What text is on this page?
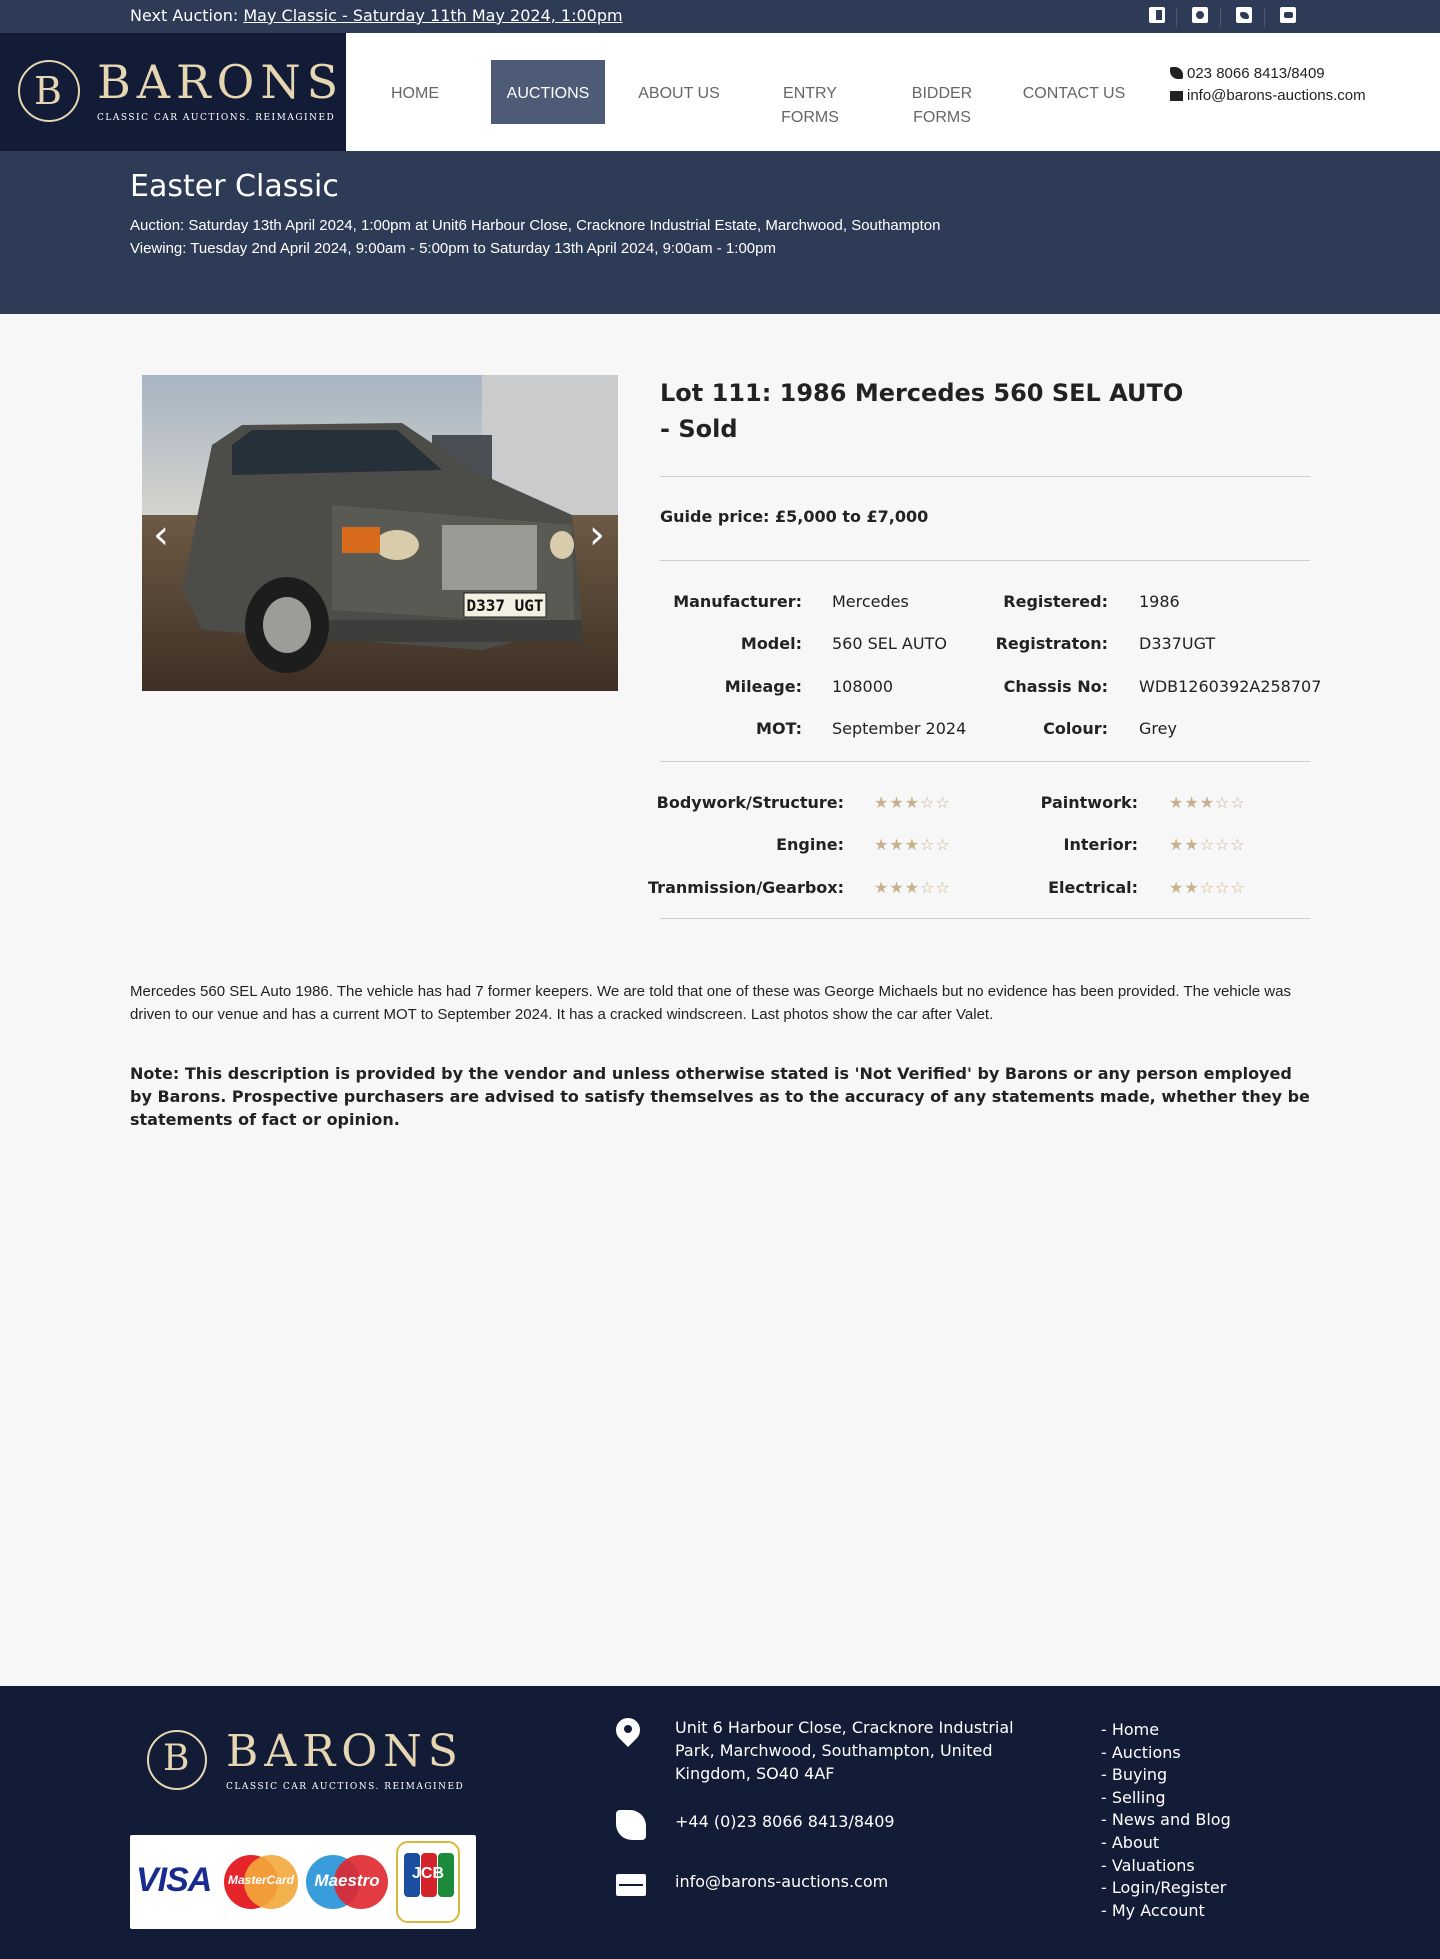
Next Auction: May Classic - Saturday 11th May 2024, 1:00pm
B BARONS
CLASSIC CAR AUCTIONS. REIMAGINED
HOME	AUCTIONS	ABOUT US	ENTRY FORMS
BIDDER
FORMS
CONTACT US
023 8066 8413/8409
info@barons-auctions.com
Easter Classic
Auction: Saturday 13th April 2024, 1:00pm at Unit6 Harbour Close, Cracknore Industrial Estate, Marchwood, Southampton
Viewing: Tuesday 2nd April 2024, 9:00am - 5:00pm to Saturday 13th April 2024, 9:00am - 1:00pm
D337 UGT
‹	›
Lot 111: 1986 Mercedes 560 SEL AUTO
- Sold
Guide price: £5,000 to £7,000
Manufacturer: Mercedes	Registered: 1986
Model: 560 SEL AUTO	Registraton: D337UGT
Mileage: 108000	Chassis No: WDB1260392A258707
MOT: September 2024	Colour: Grey
Bodywork/Structure: ★★★☆☆	Paintwork: ★★★☆☆
Engine: ★★★☆☆	Interior: ★★☆☆☆
Tranmission/Gearbox: ★★★☆☆	Electrical: ★★☆☆☆
Mercedes 560 SEL Auto 1986. The vehicle has had 7 former keepers. We are told that one of these was George Michaels but no evidence has been provided. The vehicle was driven to our venue and has a current MOT to September 2024. It has a cracked windscreen. Last photos show the car after Valet.
Note: This description is provided by the vendor and unless otherwise stated is 'Not Verified' by Barons or any person employed by Barons. Prospective purchasers are advised to satisfy themselves as to the accuracy of any statements made, whether they be statements of fact or opinion.
B BARONS
CLASSIC CAR AUCTIONS. REIMAGINED
VISA	MasterCard	Maestro	JCB
Unit 6 Harbour Close, Cracknore Industrial
Park, Marchwood, Southampton, United
Kingdom, SO40 4AF
+44 (0)23 8066 8413/8409
info@barons-auctions.com
- Home
- Auctions
- Buying
- Selling
- News and Blog
- About
- Valuations
- Login/Register
- My Account
